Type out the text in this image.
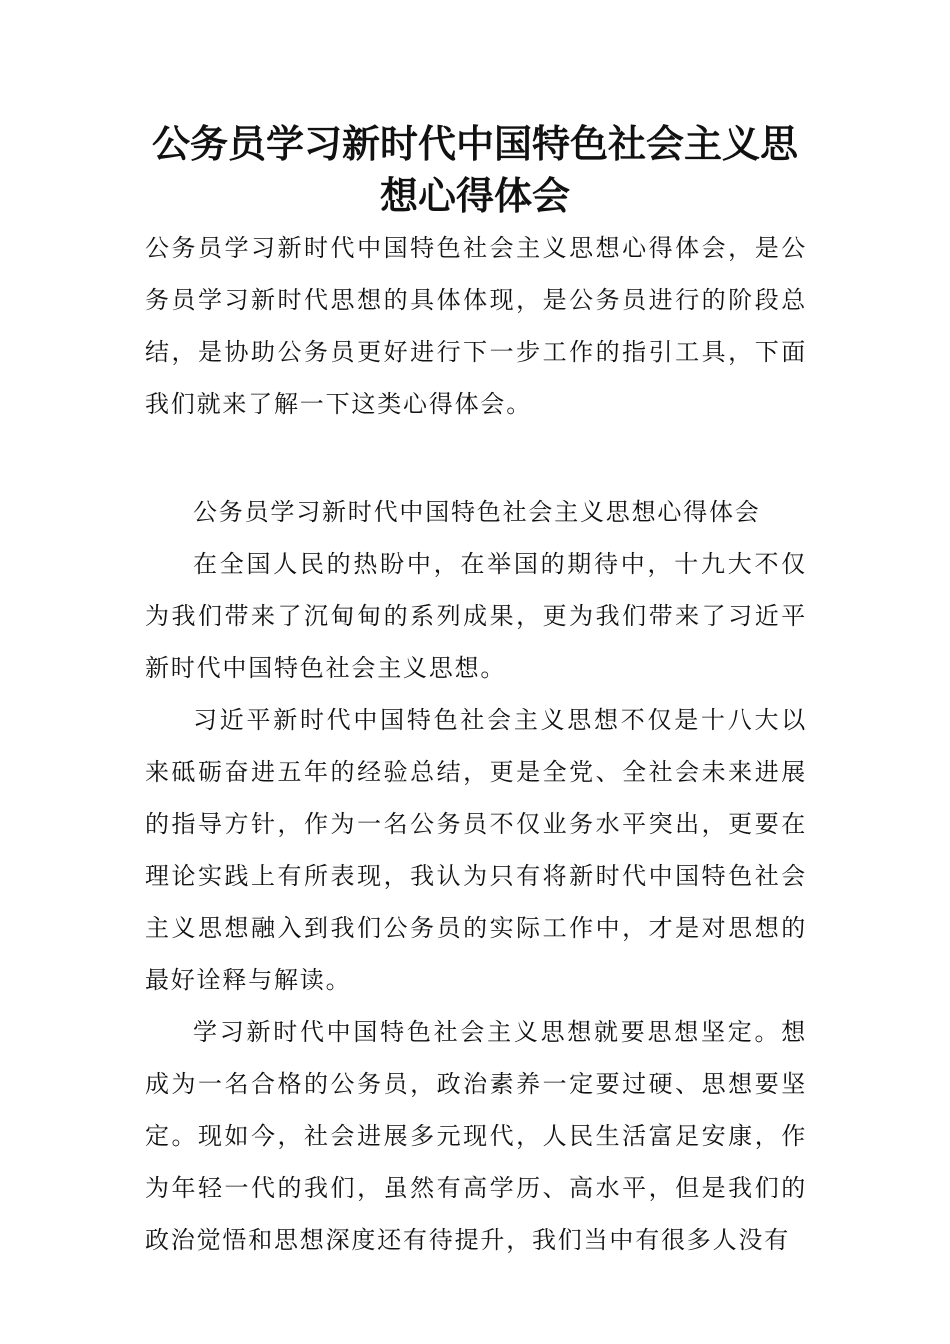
公务员学习新时代中国特色社会主义思想心得体会

公务员学习新时代中国特色社会主义思想心得体会，是公务员学习新时代思想的具体体现，是公务员进行的阶段总结，是协助公务员更好进行下一步工作的指引工具，下面我们就来了解一下这类心得体会。

公务员学习新时代中国特色社会主义思想心得体会

在全国人民的热盼中，在举国的期待中，十九大不仅为我们带来了沉甸甸的系列成果，更为我们带来了习近平新时代中国特色社会主义思想。

习近平新时代中国特色社会主义思想不仅是十八大以来砥砺奋进五年的经验总结，更是全党、全社会未来进展的指导方针，作为一名公务员不仅业务水平突出，更要在理论实践上有所表现，我认为只有将新时代中国特色社会主义思想融入到我们公务员的实际工作中，才是对思想的最好诠释与解读。

学习新时代中国特色社会主义思想就要思想坚定。想成为一名合格的公务员，政治素养一定要过硬、思想要坚定。现如今，社会进展多元现代，人民生活富足安康，作为年轻一代的我们，虽然有高学历、高水平，但是我们的政治觉悟和思想深度还有待提升，我们当中有很多人没有
